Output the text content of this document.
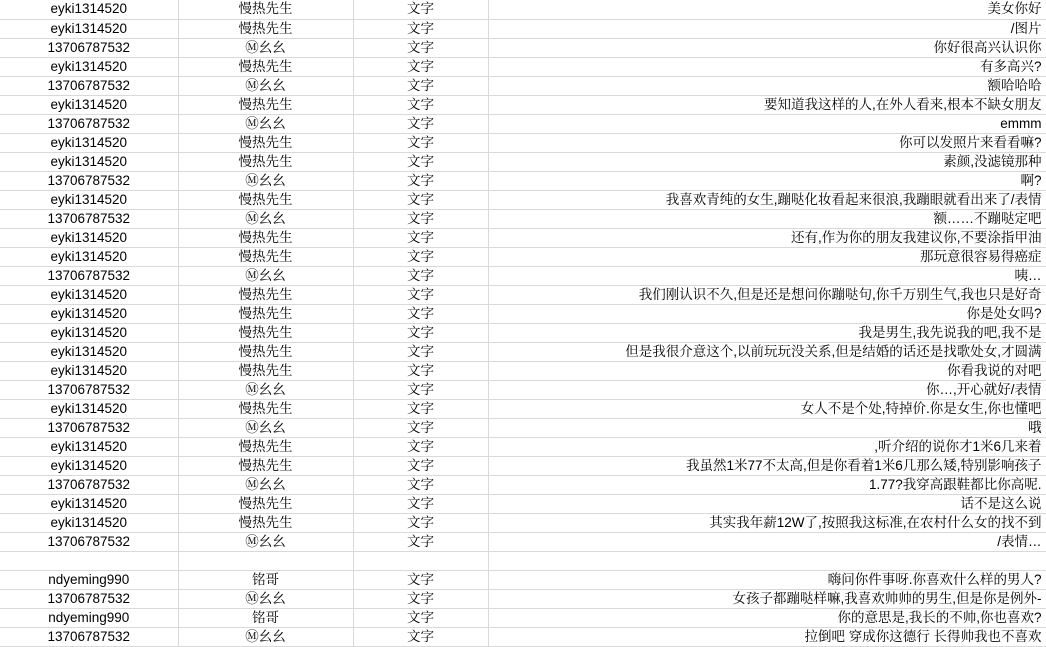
eyki1314520	慢热先生	文字	美女你好
eyki1314520	慢热先生	文字	/图片
13706787532	Ⓜ幺幺	文字	你好很高兴认识你
eyki1314520	慢热先生	文字	有多高兴?
13706787532	Ⓜ幺幺	文字	额哈哈哈
eyki1314520	慢热先生	文字	要知道我这样的人,在外人看来,根本不缺女朋友
13706787532	Ⓜ幺幺	文字	emmm
eyki1314520	慢热先生	文字	你可以发照片来看看嘛?
eyki1314520	慢热先生	文字	素颜,没滤镜那种
13706787532	Ⓜ幺幺	文字	啊?
eyki1314520	慢热先生	文字	我喜欢青纯的女生,蹦哒化妆看起来很浪,我蹦眼就看出来了/表情
13706787532	Ⓜ幺幺	文字	额……不蹦哒定吧
eyki1314520	慢热先生	文字	还有,作为你的朋友我建议你,不要涂指甲油
eyki1314520	慢热先生	文字	那玩意很容易得癌症
13706787532	Ⓜ幺幺	文字	咦…
eyki1314520	慢热先生	文字	我们刚认识不久,但是还是想问你蹦哒句,你千万别生气,我也只是好奇
eyki1314520	慢热先生	文字	你是处女吗?
eyki1314520	慢热先生	文字	我是男生,我先说我的吧,我不是
eyki1314520	慢热先生	文字	但是我很介意这个,以前玩玩没关系,但是结婚的话还是找歌处女,才圆满
eyki1314520	慢热先生	文字	你看我说的对吧
13706787532	Ⓜ幺幺	文字	你…,开心就好/表情
eyki1314520	慢热先生	文字	女人不是个处,特掉价.你是女生,你也懂吧
13706787532	Ⓜ幺幺	文字	哦
eyki1314520	慢热先生	文字	,听介绍的说你才1米6几来着
eyki1314520	慢热先生	文字	我虽然1米77不太高,但是你看着1米6几那么矮,特别影响孩子
13706787532	Ⓜ幺幺	文字	1.77?我穿高跟鞋都比你高呢.
eyki1314520	慢热先生	文字	话不是这么说
eyki1314520	慢热先生	文字	其实我年薪12W了,按照我这标准,在农村什么女的找不到
13706787532	Ⓜ幺幺	文字	/表情…

ndyeming990	铭哥	文字	嗨问你件事呀.你喜欢什么样的男人?
13706787532	Ⓜ幺幺	文字	女孩子都蹦哒样嘛,我喜欢帅帅的男生,但是你是例外-
ndyeming990	铭哥	文字	你的意思是,我长的不帅,你也喜欢?
13706787532	Ⓜ幺幺	文字	拉倒吧 穿成你这德行 长得帅我也不喜欢
